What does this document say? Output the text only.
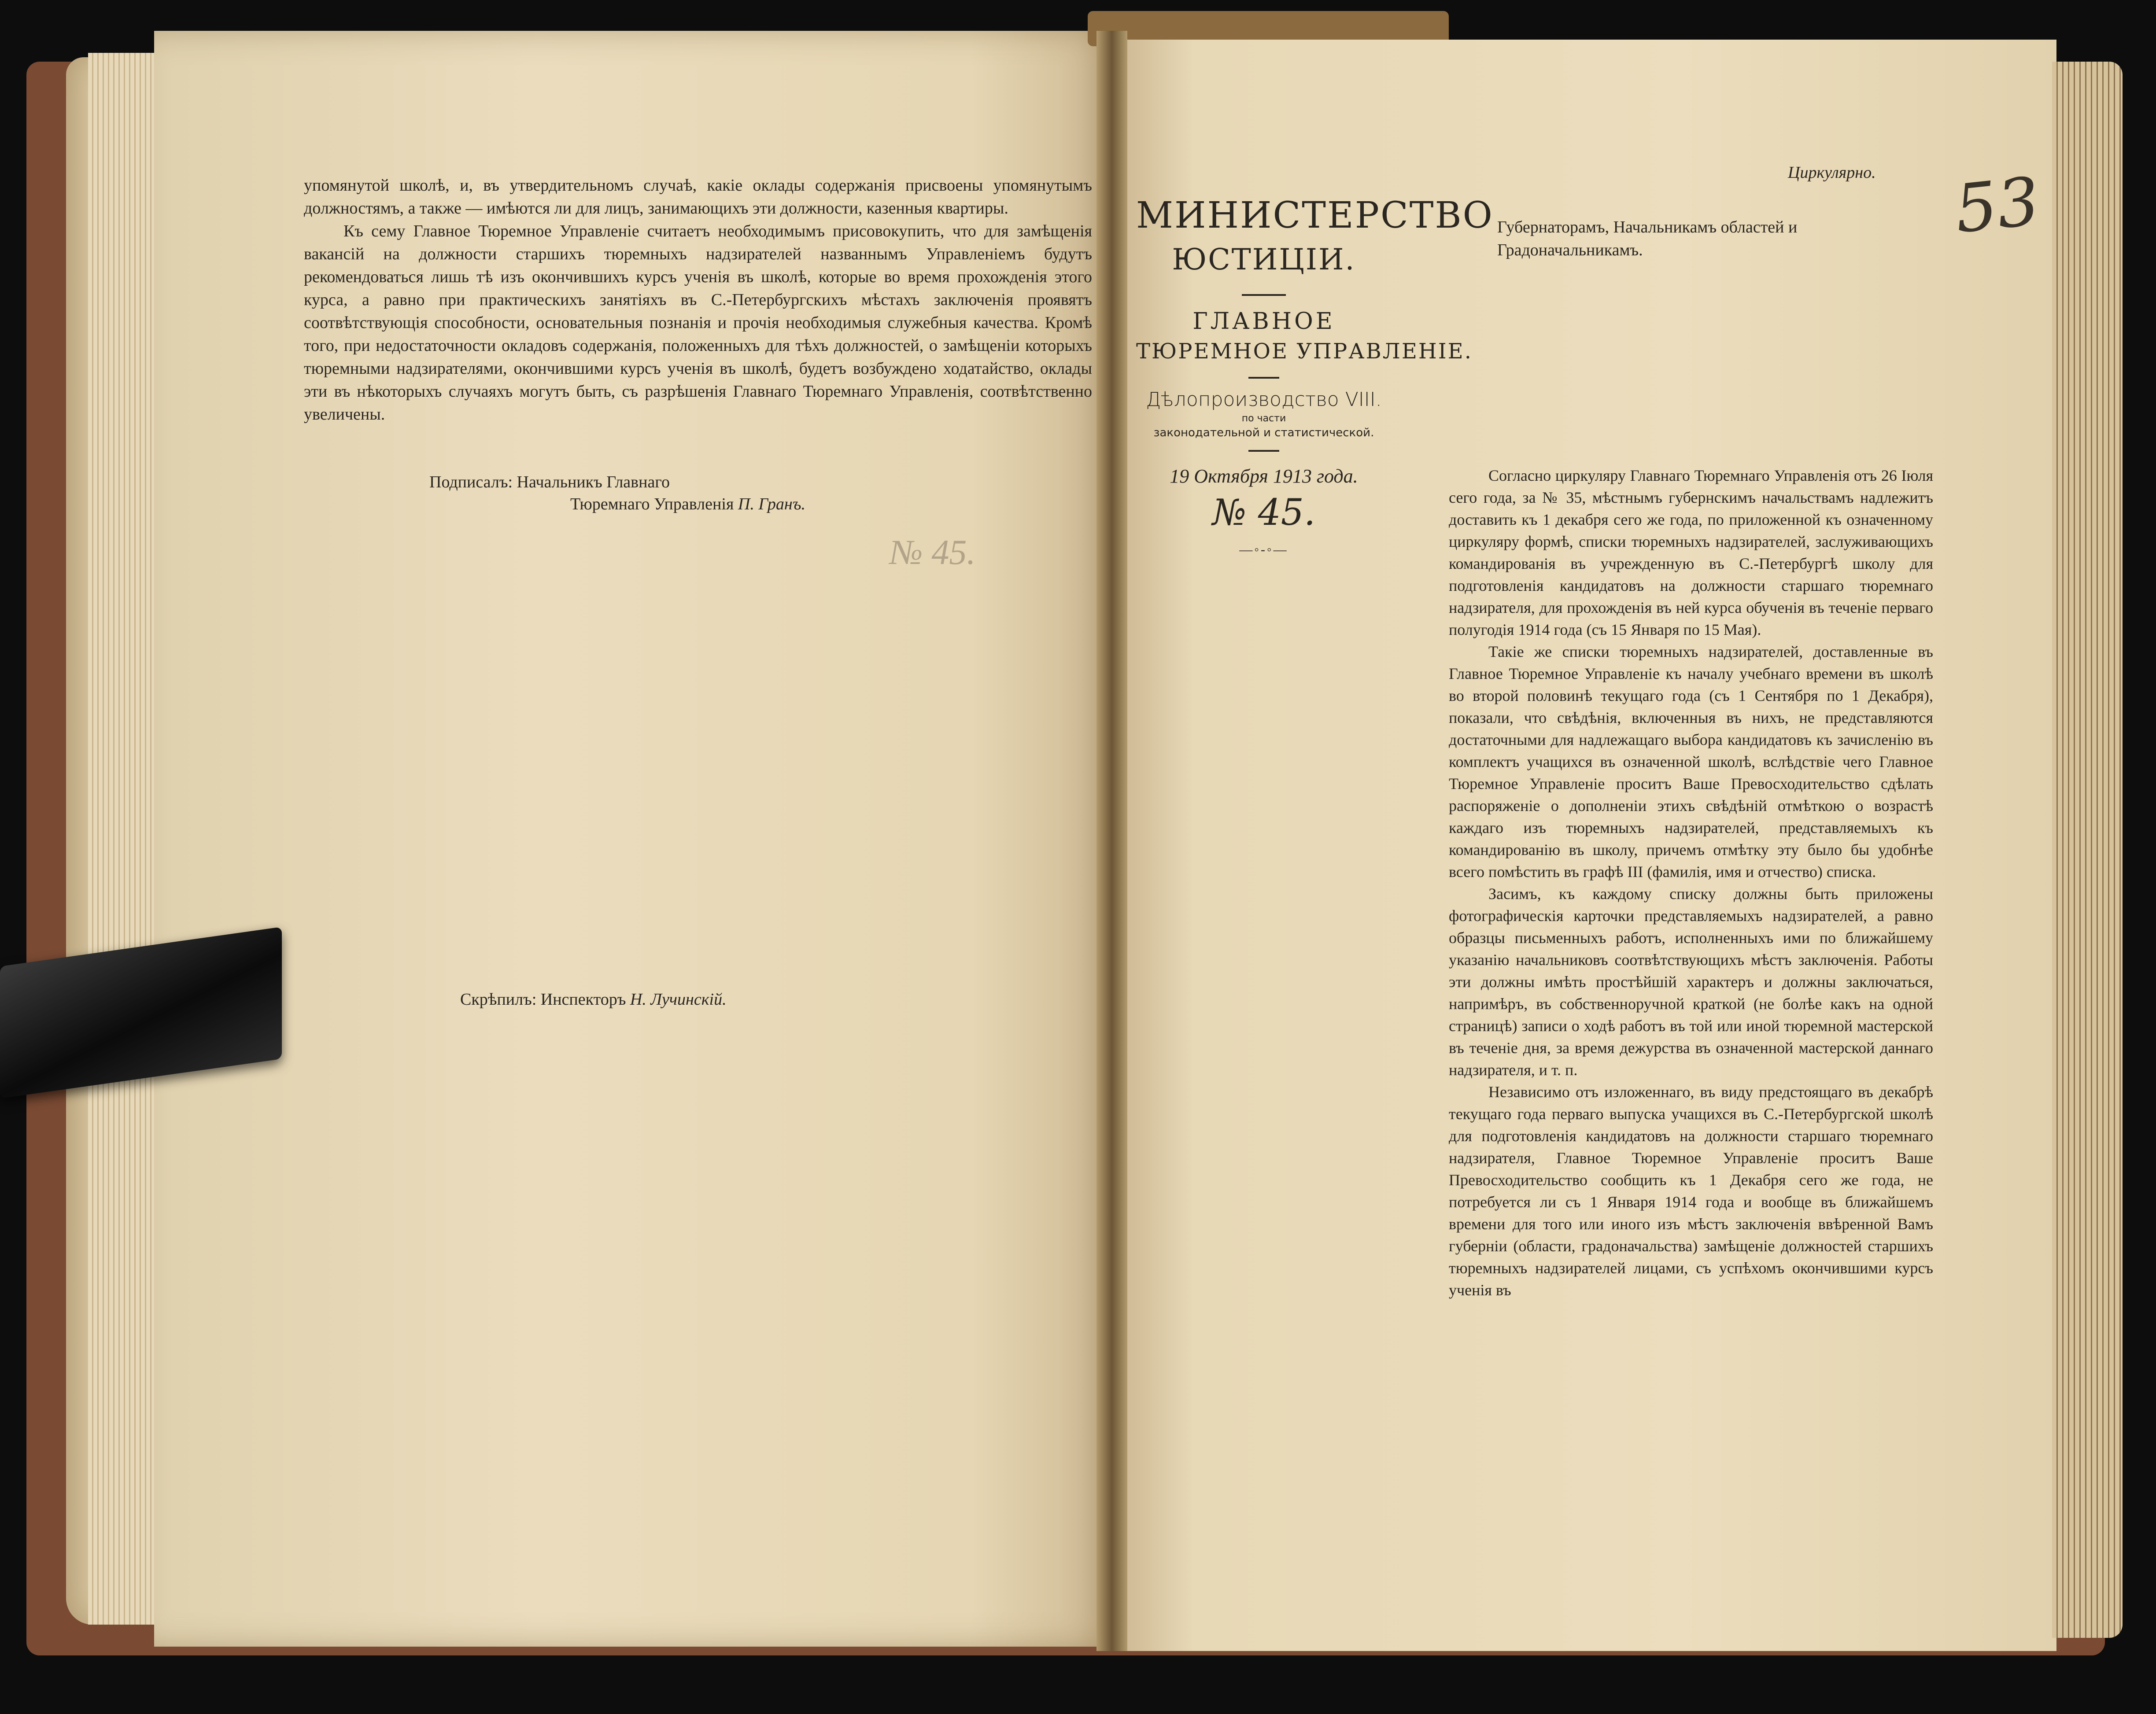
упомянутой школѣ, и, въ утвердительномъ случаѣ, какіе оклады содержанія присвоены упомянутымъ должностямъ, а также — имѣются ли для лицъ, занимающихъ эти должности, казенныя квартиры.

Къ сему Главное Тюремное Управленіе считаетъ необходимымъ присовокупить, что для замѣщенія вакансій на должности старшихъ тюремныхъ надзирателей названнымъ Управленіемъ будутъ рекомендоваться лишь тѣ изъ окончившихъ курсъ ученія въ школѣ, которые во время прохожденія этого курса, а равно при практическихъ занятіяхъ въ С.-Петербургскихъ мѣстахъ заключенія проявятъ соотвѣтствующія способности, основательныя познанія и прочія необходимыя служебныя качества. Кромѣ того, при недостаточности окладовъ содержанія, положенныхъ для тѣхъ должностей, о замѣщеніи которыхъ тюремными надзирателями, окончившими курсъ ученія въ школѣ, будетъ возбуждено ходатайство, оклады эти въ нѣкоторыхъ случаяхъ могутъ быть, съ разрѣшенія Главнаго Тюремнаго Управленія, соотвѣтственно увеличены.

Подписалъ: Начальникъ Главнаго
Тюремнаго Управленія П. Гранъ.
№ 45.
Скрѣпилъ: Инспекторъ Н. Лучинскій.
МИНИСТЕРСТВО
ЮСТИЦІИ.
ГЛАВНОЕ
ТЮРЕМНОЕ УПРАВЛЕНІЕ.
Дѣлопроизводство VIII.
по части
законодательной и статистической.
19 Октября 1913 года.
№ 45.
—◦-◦—
Циркулярно. 53
Губернаторамъ, Начальникамъ областей и Градоначальникамъ.

Согласно циркуляру Главнаго Тюремнаго Управленія отъ 26 Іюля сего года, за № 35, мѣстнымъ губернскимъ начальствамъ надлежитъ доставить къ 1 декабря сего же года, по приложенной къ означенному циркуляру формѣ, списки тюремныхъ надзирателей, заслуживающихъ командированія въ учрежденную въ С.-Петербургѣ школу для подготовленія кандидатовъ на должности старшаго тюремнаго надзирателя, для прохожденія въ ней курса обученія въ теченіе перваго полугодія 1914 года (съ 15 Января по 15 Мая).

Такіе же списки тюремныхъ надзирателей, доставленные въ Главное Тюремное Управленіе къ началу учебнаго времени въ школѣ во второй половинѣ текущаго года (съ 1 Сентября по 1 Декабря), показали, что свѣдѣнія, включенныя въ нихъ, не представляются достаточными для надлежащаго выбора кандидатовъ къ зачисленію въ комплектъ учащихся въ означенной школѣ, вслѣдствіе чего Главное Тюремное Управленіе проситъ Ваше Превосходительство сдѣлать распоряженіе о дополненіи этихъ свѣдѣній отмѣткою о возрастѣ каждаго изъ тюремныхъ надзирателей, представляемыхъ къ командированію въ школу, причемъ отмѣтку эту было бы удобнѣе всего помѣстить въ графѣ III (фамилія, имя и отчество) списка.

Засимъ, къ каждому списку должны быть приложены фотографическія карточки представляемыхъ надзирателей, а равно образцы письменныхъ работъ, исполненныхъ ими по ближайшему указанію начальниковъ соотвѣтствующихъ мѣстъ заключенія. Работы эти должны имѣть простѣйшій характеръ и должны заключаться, напримѣръ, въ собственноручной краткой (не болѣе какъ на одной страницѣ) записи о ходѣ работъ въ той или иной тюремной мастерской въ теченіе дня, за время дежурства въ означенной мастерской даннаго надзирателя, и т. п.

Независимо отъ изложеннаго, въ виду предстоящаго въ декабрѣ текущаго года перваго выпуска учащихся въ С.-Петербургской школѣ для подготовленія кандидатовъ на должности старшаго тюремнаго надзирателя, Главное Тюремное Управленіе проситъ Ваше Превосходительство сообщить къ 1 Декабря сего же года, не потребуется ли съ 1 Января 1914 года и вообще въ ближайшемъ времени для того или иного изъ мѣстъ заключенія ввѣренной Вамъ губерніи (области, градоначальства) замѣщеніе должностей старшихъ тюремныхъ надзирателей лицами, съ успѣхомъ окончившими курсъ ученія въ
